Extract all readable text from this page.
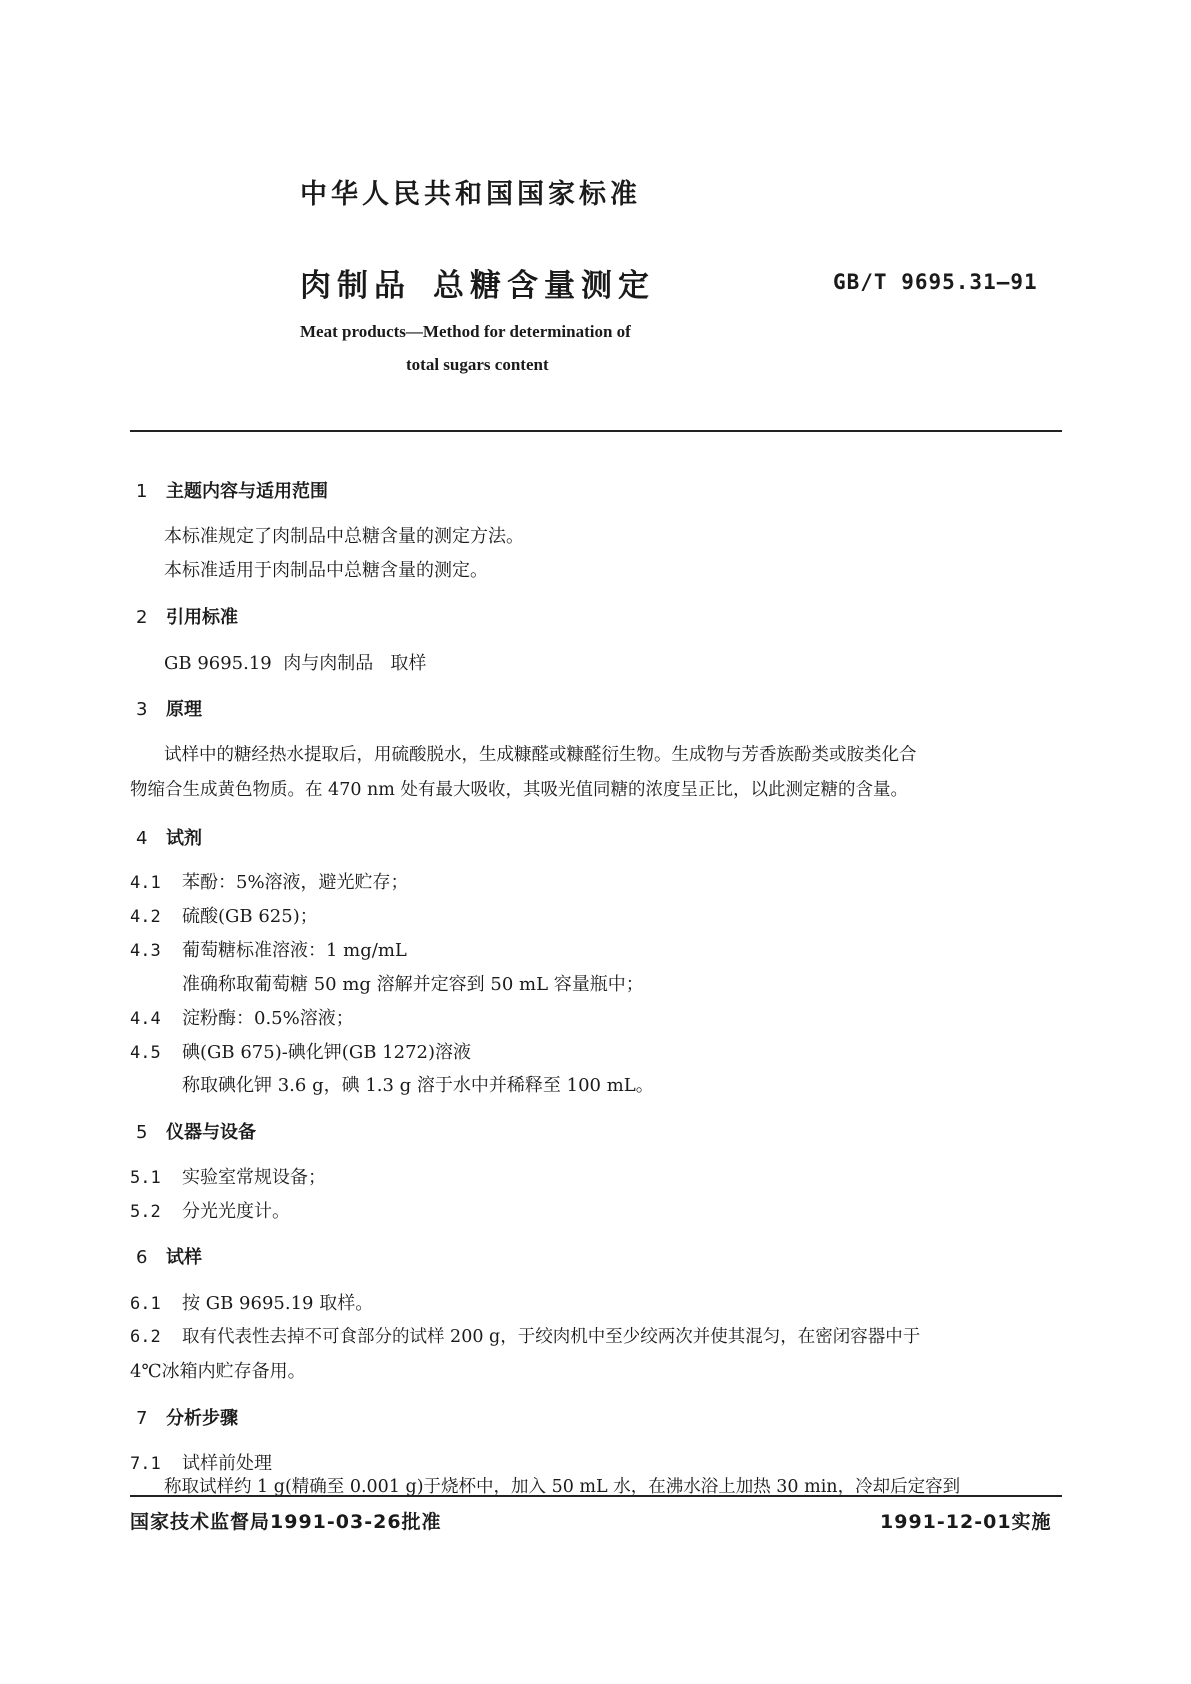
中华人民共和国国家标准
肉制品 总糖含量测定	GB/T 9695.31—91
Meat products—Method for determination of
total sugars content
1 主题内容与适用范围
本标准规定了肉制品中总糖含量的测定方法。
本标准适用于肉制品中总糖含量的测定。
2 引用标准
GB 9695.19  肉与肉制品   取样
3 原理
试样中的糖经热水提取后，用硫酸脱水，生成糠醛或糠醛衍生物。生成物与芳香族酚类或胺类化合
物缩合生成黄色物质。在 470 nm 处有最大吸收，其吸光值同糖的浓度呈正比，以此测定糖的含量。
4 试剂
4.1 苯酚：5%溶液，避光贮存；
4.2 硫酸(GB 625)；
4.3 葡萄糖标准溶液：1 mg/mL
准确称取葡萄糖 50 mg 溶解并定容到 50 mL 容量瓶中；
4.4 淀粉酶：0.5%溶液；
4.5 碘(GB 675)-碘化钾(GB 1272)溶液
称取碘化钾 3.6 g，碘 1.3 g 溶于水中并稀释至 100 mL。
5 仪器与设备
5.1 实验室常规设备；
5.2 分光光度计。
6 试样
6.1 按 GB 9695.19 取样。
6.2 取有代表性去掉不可食部分的试样 200 g，于绞肉机中至少绞两次并使其混匀，在密闭容器中于
4℃冰箱内贮存备用。
7 分析步骤
7.1 试样前处理
称取试样约 1 g(精确至 0.001 g)于烧杯中，加入 50 mL 水，在沸水浴上加热 30 min，冷却后定容到
国家技术监督局1991-03-26批准	1991-12-01实施
